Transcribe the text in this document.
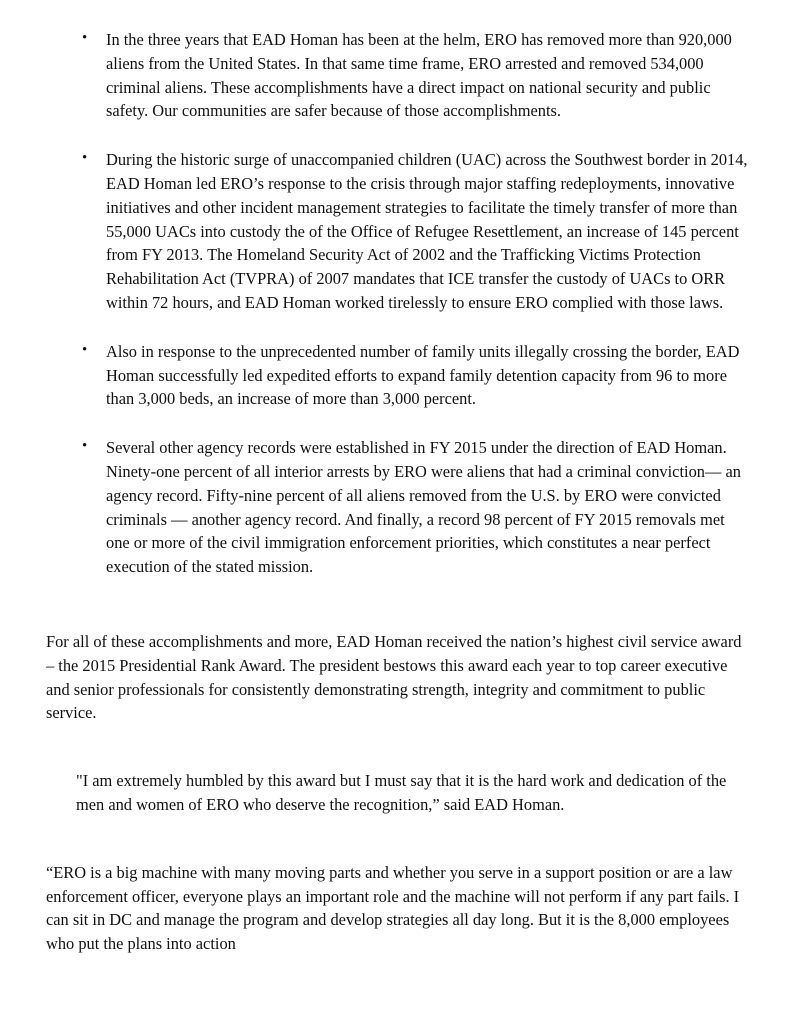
• In the three years that EAD Homan has been at the helm, ERO has removed more than 920,000 aliens from the United States. In that same time frame, ERO arrested and removed 534,000 criminal aliens. These accomplishments have a direct impact on national security and public safety. Our communities are safer because of those accomplishments.
• During the historic surge of unaccompanied children (UAC) across the Southwest border in 2014, EAD Homan led ERO’s response to the crisis through major staffing redeployments, innovative initiatives and other incident management strategies to facilitate the timely transfer of more than 55,000 UACs into custody the of the Office of Refugee Resettlement, an increase of 145 percent from FY 2013. The Homeland Security Act of 2002 and the Trafficking Victims Protection Rehabilitation Act (TVPRA) of 2007 mandates that ICE transfer the custody of UACs to ORR within 72 hours, and EAD Homan worked tirelessly to ensure ERO complied with those laws.
• Also in response to the unprecedented number of family units illegally crossing the border, EAD Homan successfully led expedited efforts to expand family detention capacity from 96 to more than 3,000 beds, an increase of more than 3,000 percent.
• Several other agency records were established in FY 2015 under the direction of EAD Homan. Ninety-one percent of all interior arrests by ERO were aliens that had a criminal conviction— an agency record. Fifty-nine percent of all aliens removed from the U.S. by ERO were convicted criminals — another agency record. And finally, a record 98 percent of FY 2015 removals met one or more of the civil immigration enforcement priorities, which constitutes a near perfect execution of the stated mission.

For all of these accomplishments and more, EAD Homan received the nation’s highest civil service award – the 2015 Presidential Rank Award. The president bestows this award each year to top career executive and senior professionals for consistently demonstrating strength, integrity and commitment to public service.

"I am extremely humbled by this award but I must say that it is the hard work and dedication of the men and women of ERO who deserve the recognition,” said EAD Homan.

“ERO is a big machine with many moving parts and whether you serve in a support position or are a law enforcement officer, everyone plays an important role and the machine will not perform if any part fails. I can sit in DC and manage the program and develop strategies all day long. But it is the 8,000 employees who put the plans into action
